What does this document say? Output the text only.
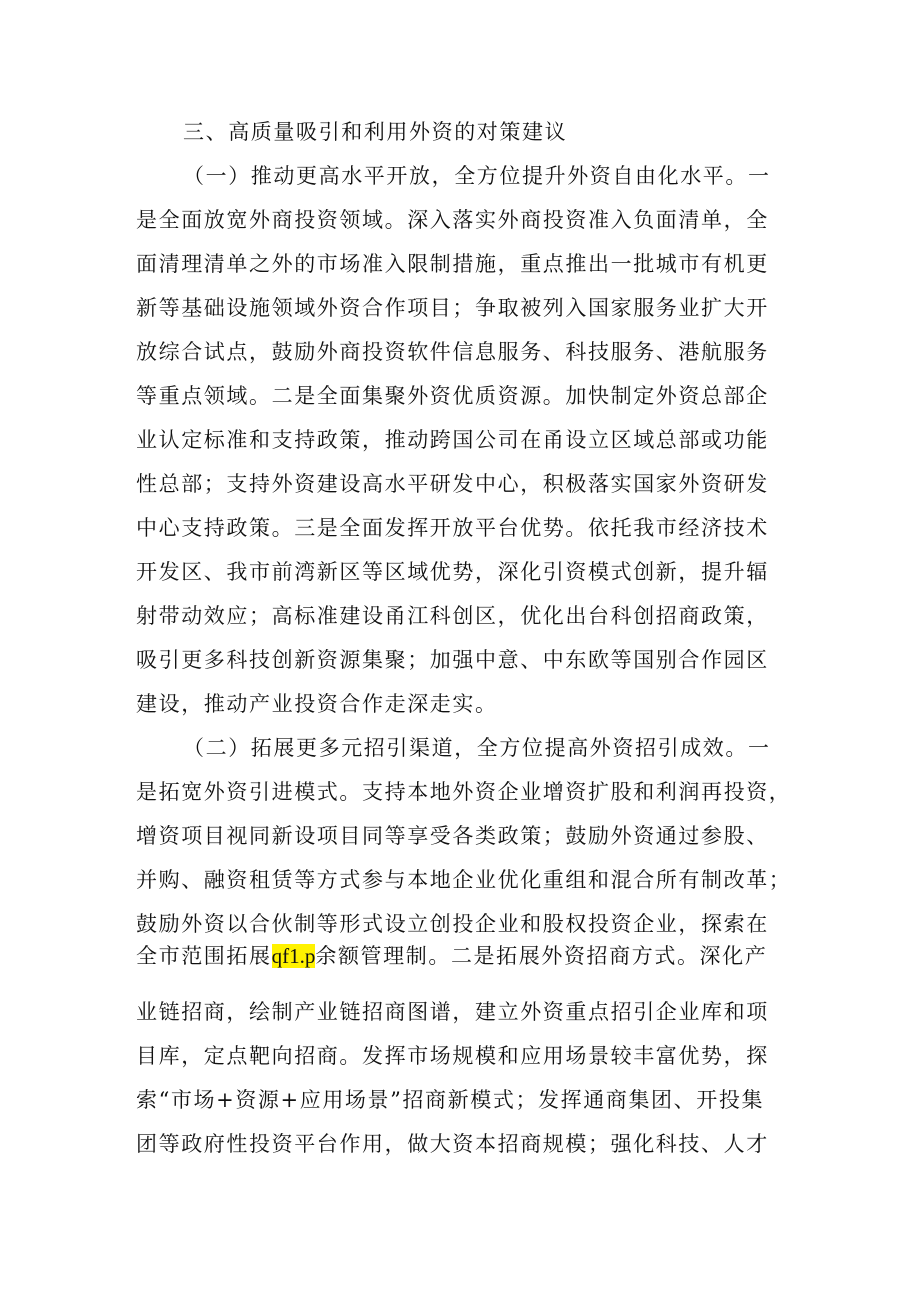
三、高质量吸引和利用外资的对策建议
（一）推动更高水平开放，全方位提升外资自由化水平。一
是全面放宽外商投资领域。深入落实外商投资准入负面清单，全
面清理清单之外的市场准入限制措施，重点推出一批城市有机更
新等基础设施领域外资合作项目；争取被列入国家服务业扩大开
放综合试点，鼓励外商投资软件信息服务、科技服务、港航服务
等重点领域。二是全面集聚外资优质资源。加快制定外资总部企
业认定标准和支持政策，推动跨国公司在甬设立区域总部或功能
性总部；支持外资建设高水平研发中心，积极落实国家外资研发
中心支持政策。三是全面发挥开放平台优势。依托我市经济技术
开发区、我市前湾新区等区域优势，深化引资模式创新，提升辐
射带动效应；高标准建设甬江科创区，优化出台科创招商政策，
吸引更多科技创新资源集聚；加强中意、中东欧等国别合作园区
建设，推动产业投资合作走深走实。
（二）拓展更多元招引渠道，全方位提高外资招引成效。一
是拓宽外资引进模式。支持本地外资企业增资扩股和利润再投资，
增资项目视同新设项目同等享受各类政策；鼓励外资通过参股、
并购、融资租赁等方式参与本地企业优化重组和混合所有制改革；
鼓励外资以合伙制等形式设立创投企业和股权投资企业，探索在
全市范围拓展qf1.p余额管理制。二是拓展外资招商方式。深化产
业链招商，绘制产业链招商图谱，建立外资重点招引企业库和项
目库，定点靶向招商。发挥市场规模和应用场景较丰富优势，探
索“市场+资源+应用场景”招商新模式；发挥通商集团、开投集
团等政府性投资平台作用，做大资本招商规模；强化科技、人才
